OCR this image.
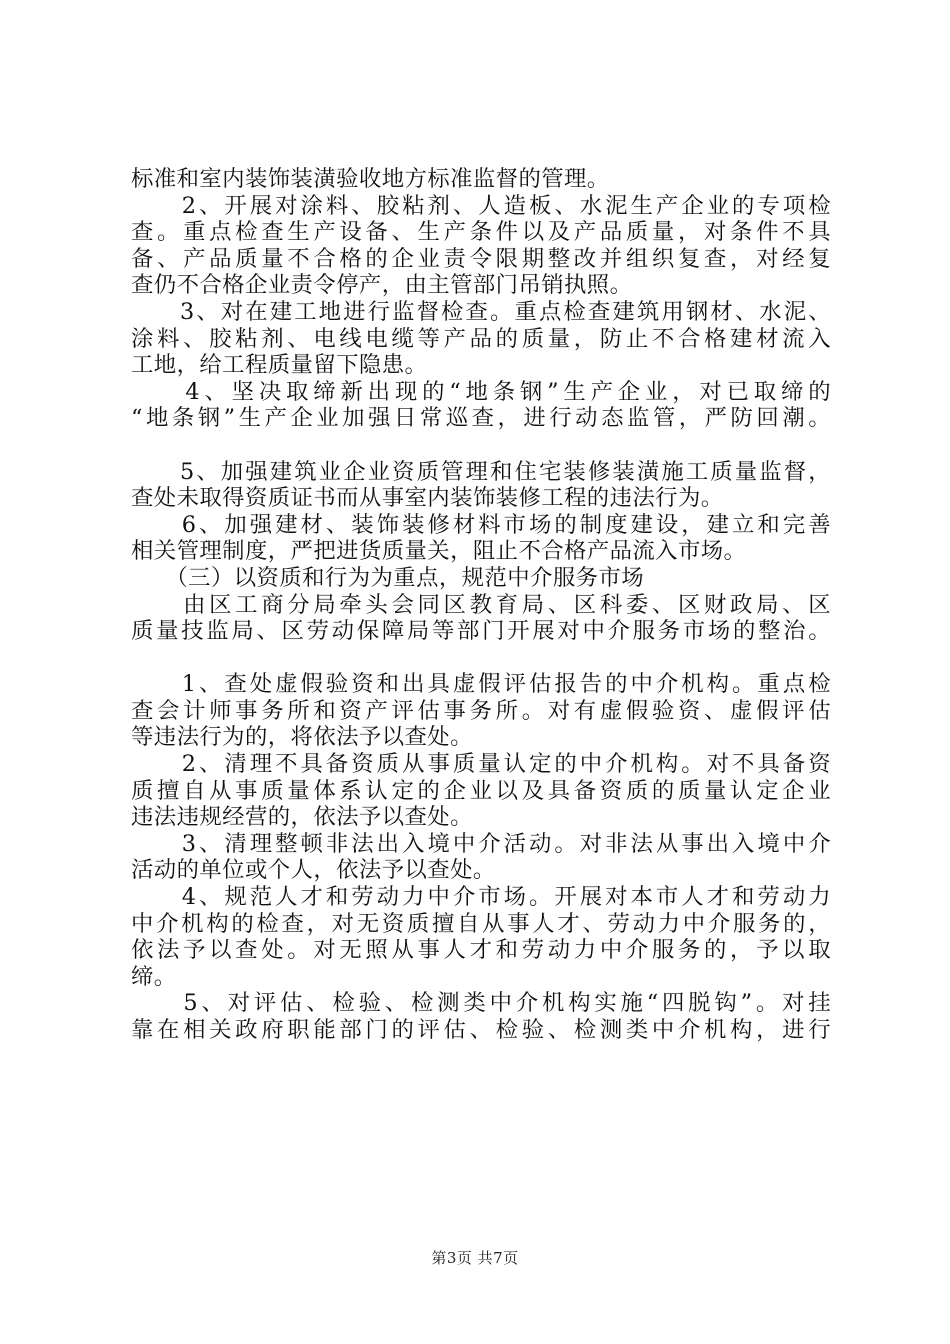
标准和室内装饰装潢验收地方标准监督的管理。
　　2、开展对涂料、胶粘剂、人造板、水泥生产企业的专项检
查。重点检查生产设备、生产条件以及产品质量，对条件不具
备、产品质量不合格的企业责令限期整改并组织复查，对经复
查仍不合格企业责令停产，由主管部门吊销执照。
　　3、对在建工地进行监督检查。重点检查建筑用钢材、水泥、
涂料、胶粘剂、电线电缆等产品的质量，防止不合格建材流入
工地，给工程质量留下隐患。
　　4、坚决取缔新出现的“地条钢”生产企业，对已取缔的
“地条钢”生产企业加强日常巡查，进行动态监管，严防回潮。
　　5、加强建筑业企业资质管理和住宅装修装潢施工质量监督，
查处未取得资质证书而从事室内装饰装修工程的违法行为。
　　6、加强建材、装饰装修材料市场的制度建设，建立和完善
相关管理制度，严把进货质量关，阻止不合格产品流入市场。
　　（三）以资质和行为为重点，规范中介服务市场
　　由区工商分局牵头会同区教育局、区科委、区财政局、区
质量技监局、区劳动保障局等部门开展对中介服务市场的整治。
　　1、查处虚假验资和出具虚假评估报告的中介机构。重点检
查会计师事务所和资产评估事务所。对有虚假验资、虚假评估
等违法行为的，将依法予以查处。
　　2、清理不具备资质从事质量认定的中介机构。对不具备资
质擅自从事质量体系认定的企业以及具备资质的质量认定企业
违法违规经营的，依法予以查处。
　　3、清理整顿非法出入境中介活动。对非法从事出入境中介
活动的单位或个人，依法予以查处。
　　4、规范人才和劳动力中介市场。开展对本市人才和劳动力
中介机构的检查，对无资质擅自从事人才、劳动力中介服务的，
依法予以查处。对无照从事人才和劳动力中介服务的，予以取
缔。
　　5、对评估、检验、检测类中介机构实施“四脱钩”。对挂
靠在相关政府职能部门的评估、检验、检测类中介机构，进行
第3页 共7页
